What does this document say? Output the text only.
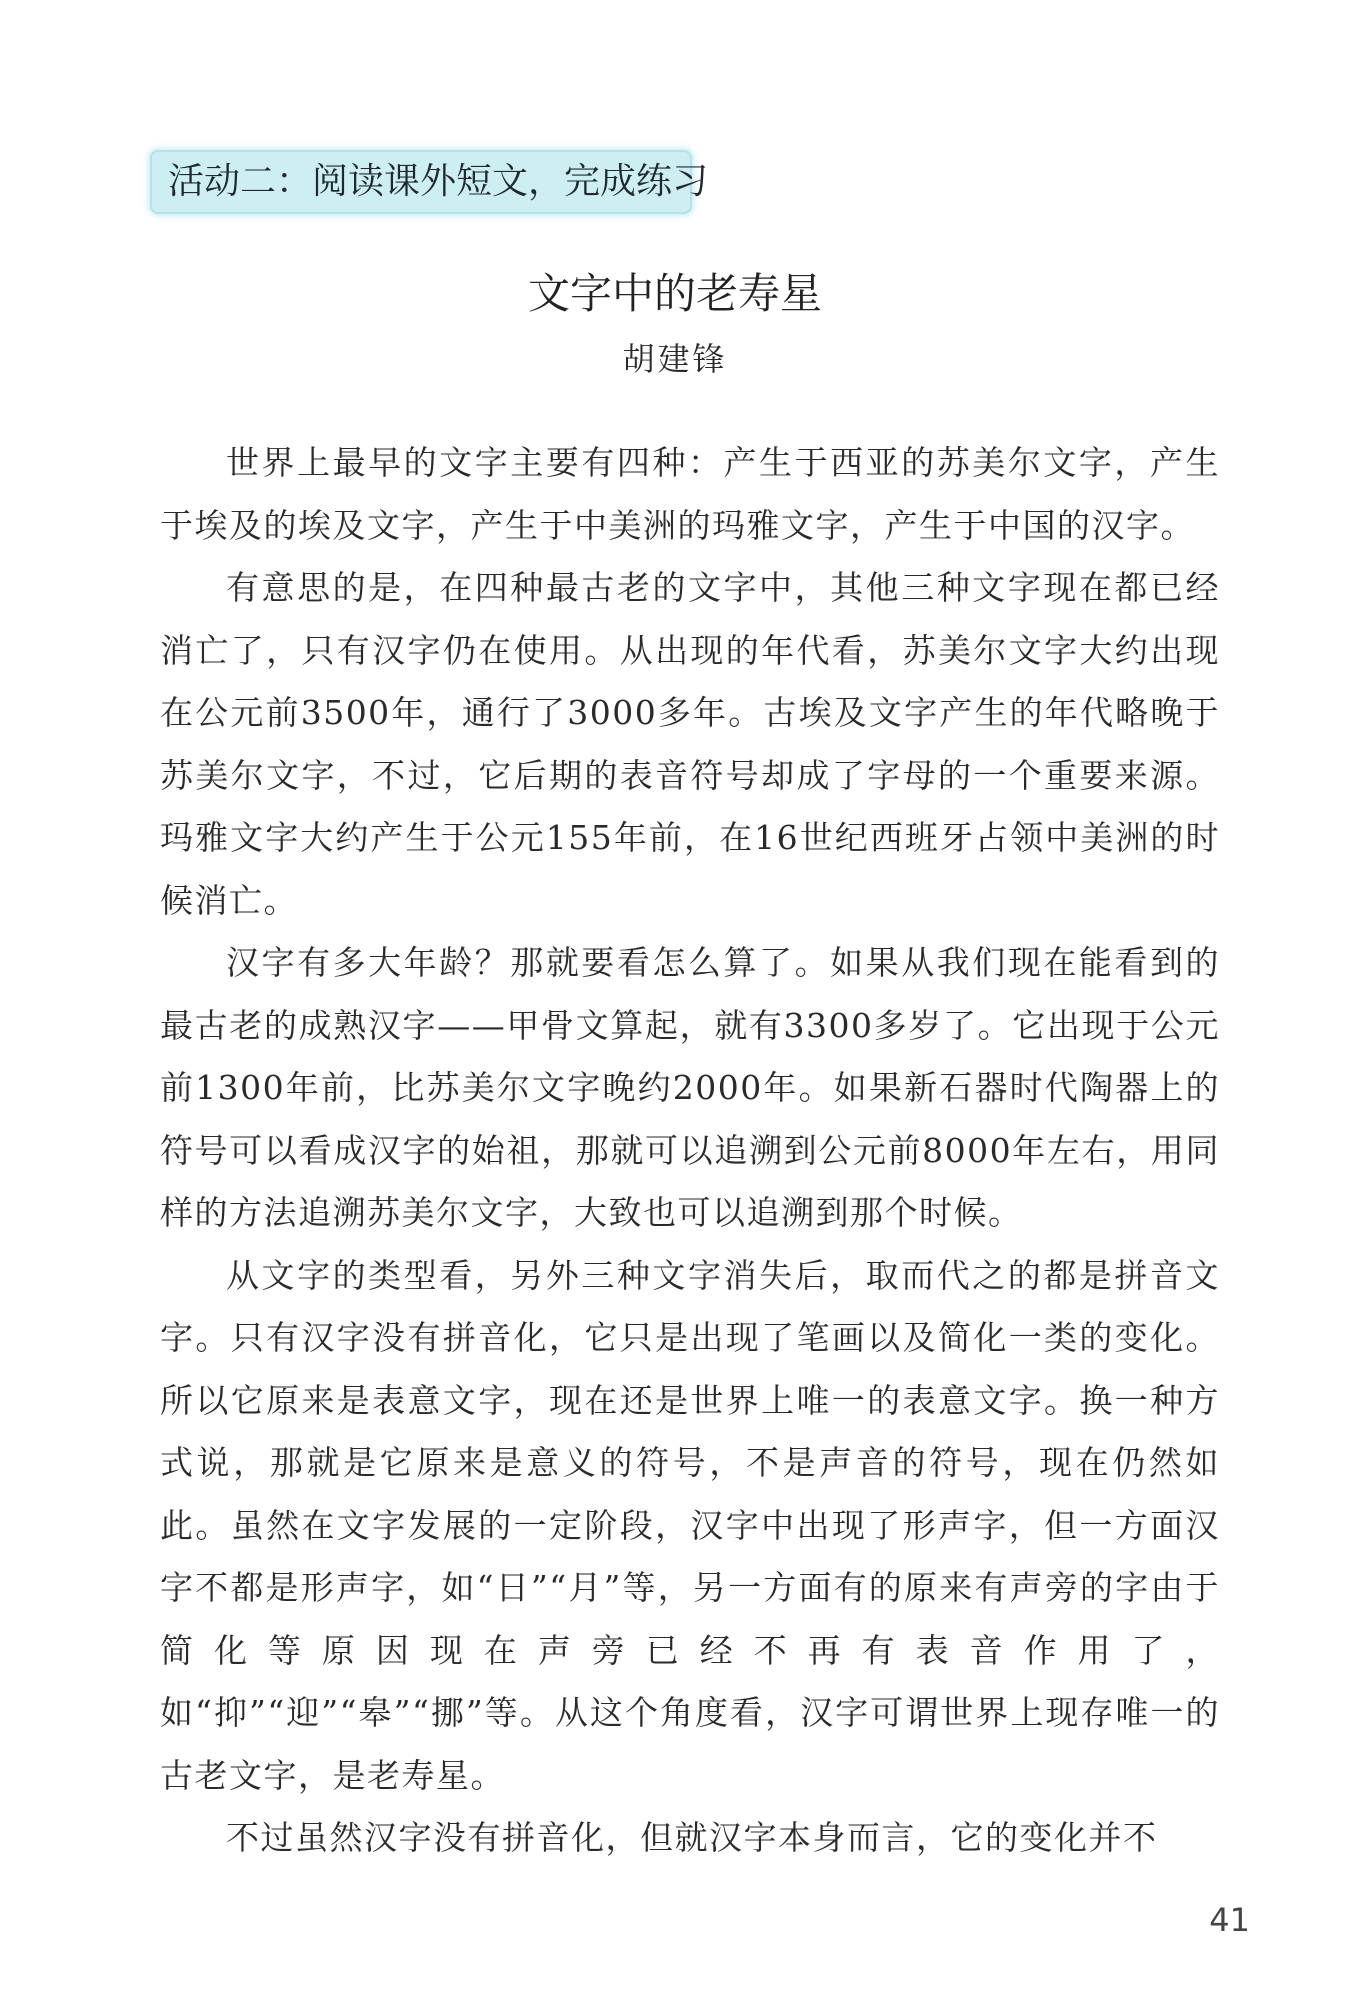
活动二：阅读课外短文，完成练习
文字中的老寿星
胡建锋

世界上最早的文字主要有四种：产生于西亚的苏美尔文字，产生于埃及的埃及文字，产生于中美洲的玛雅文字，产生于中国的汉字。

有意思的是，在四种最古老的文字中，其他三种文字现在都已经消亡了，只有汉字仍在使用。从出现的年代看，苏美尔文字大约出现在公元前3500年，通行了3000多年。古埃及文字产生的年代略晚于苏美尔文字，不过，它后期的表音符号却成了字母的一个重要来源。玛雅文字大约产生于公元155年前，在16世纪西班牙占领中美洲的时候消亡。

汉字有多大年龄？那就要看怎么算了。如果从我们现在能看到的最古老的成熟汉字——甲骨文算起，就有3300多岁了。它出现于公元前1300年前，比苏美尔文字晚约2000年。如果新石器时代陶器上的符号可以看成汉字的始祖，那就可以追溯到公元前8000年左右，用同样的方法追溯苏美尔文字，大致也可以追溯到那个时候。

从文字的类型看，另外三种文字消失后，取而代之的都是拼音文字。只有汉字没有拼音化，它只是出现了笔画以及简化一类的变化。所以它原来是表意文字，现在还是世界上唯一的表意文字。换一种方式说，那就是它原来是意义的符号，不是声音的符号，现在仍然如此。虽然在文字发展的一定阶段，汉字中出现了形声字，但一方面汉字不都是形声字，如“日”“月”等，另一方面有的原来有声旁的字由于简化等原因现在声旁已经不再有表音作用了，如“抑”“迎”“皋”“挪”等。从这个角度看，汉字可谓世界上现存唯一的古老文字，是老寿星。

不过虽然汉字没有拼音化，但就汉字本身而言，它的变化并不

41
